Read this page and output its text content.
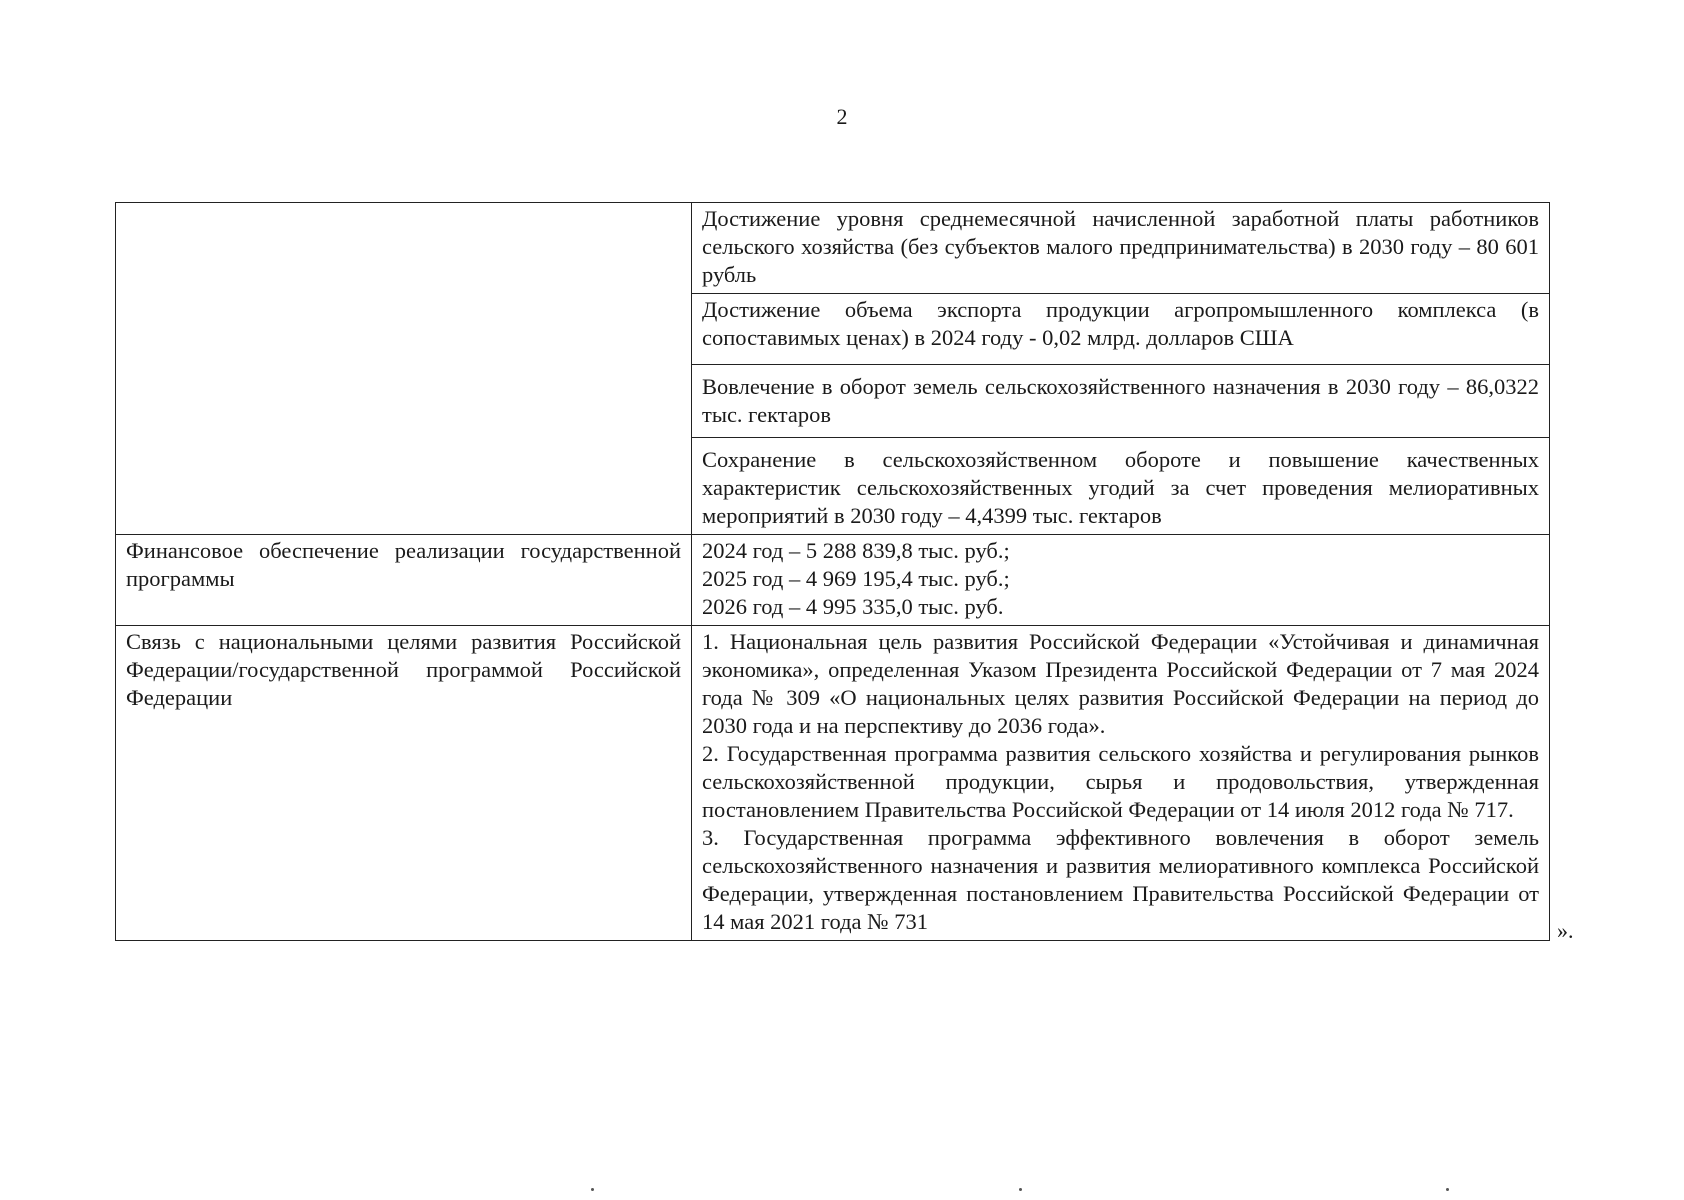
2
	Достижение уровня среднемесячной начисленной заработной платы работников сельского хозяйства (без субъектов малого предпринимательства) в 2030 году – 80 601 рубль
	Достижение объема экспорта продукции агропромышленного комплекса (в сопоставимых ценах) в 2024 году - 0,02 млрд. долларов США
	Вовлечение в оборот земель сельскохозяйственного назначения в 2030 году – 86,0322 тыс. гектаров
	Сохранение в сельскохозяйственном обороте и повышение качественных характеристик сельскохозяйственных угодий за счет проведения мелиоративных мероприятий в 2030 году – 4,4399 тыс. гектаров
Финансовое обеспечение реализации государственной программы	2024 год – 5 288 839,8 тыс. руб.;
2025 год – 4 969 195,4 тыс. руб.;
2026 год – 4 995 335,0 тыс. руб.

Связь с национальными целями развития Российской Федерации/государственной программой Российской Федерации	1. Национальная цель развития Российской Федерации «Устойчивая и динамичная экономика», определенная Указом Президента Российской Федерации от 7 мая 2024 года № 309 «О национальных целях развития Российской Федерации на период до 2030 года и на перспективу до 2036 года».
2. Государственная программа развития сельского хозяйства и регулирования рынков сельскохозяйственной продукции, сырья и продовольствия, утвержденная постановлением Правительства Российской Федерации от 14 июля 2012 года № 717.
3. Государственная программа эффективного вовлечения в оборот земель сельскохозяйственного назначения и развития мелиоративного комплекса Российской Федерации, утвержденная постановлением Правительства Российской Федерации от 14 мая 2021 года № 731	».
